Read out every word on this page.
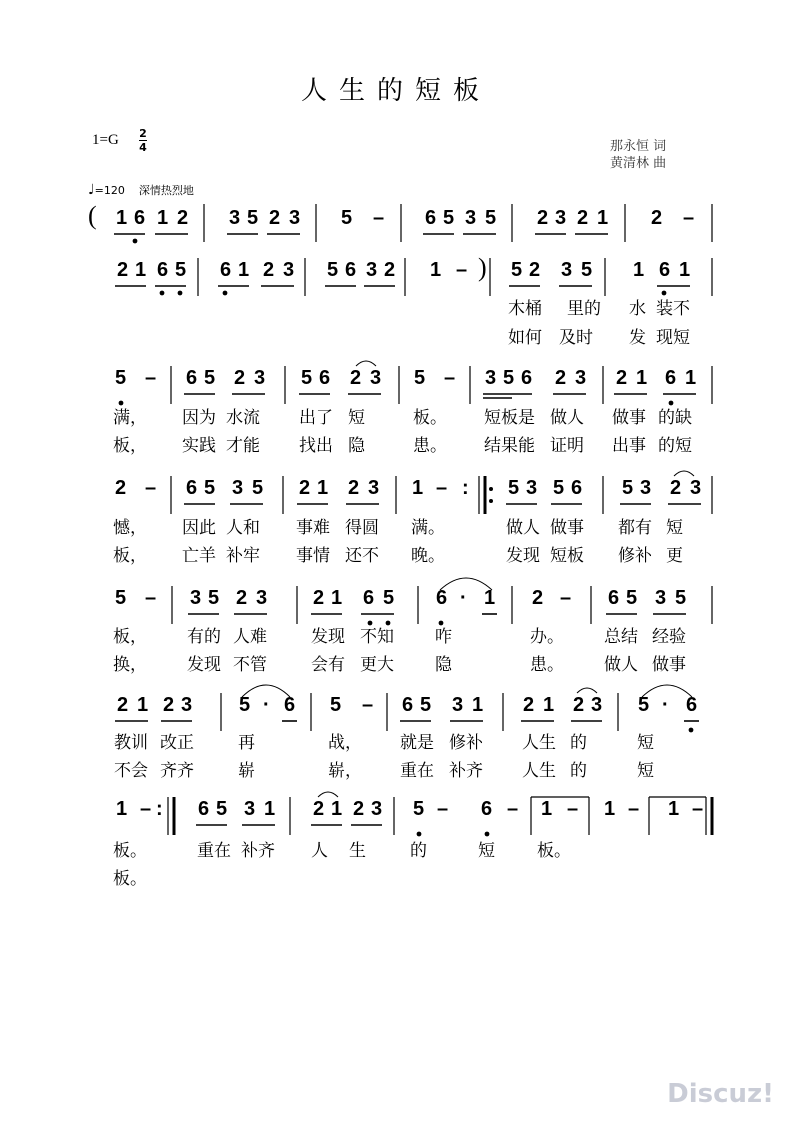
人生的短板
1=G 2
4	那永恒 词
黄清林 曲
♩=120 深情热烈地
( 1 6 1 2 3 5 2 3 5 – 6 5 3 5 2 3 2 1 2 –
2 1 6 5 6 1 2 3 5 6 3 2 1 – ) 5 2 3 5 1 6 1
5 – 6 5 2 3 5 6 2 3 5 – 3 5 6 2 3 2 1 6 1
2 – 6 5 3 5 2 1 2 3 1 – : 5 3 5 6 5 3 2 3
5 – 3 5 2 3 2 1 6 5 6 · 1 2 – 6 5 3 5
2 1 2 3 5 · 6 5 – 6 5 3 1 2 1 2 3 5 · 6
1 – : 6 5 3 1 2 1 2 3 5 – 6 – 1 – 1 – 1 –
木桶 里的 水 装不
如何 及时 发 现短
满， 因为 水流 出了 短	板。 短板是 做人 做事 的缺
板， 实践 才能 找出 隐	患。 结果能 证明 出事 的短
憾， 因此 人和 事难 得圆 满。	做人 做事 都有 短
板， 亡羊 补牢 事情 还不 晚。	发现 短板 修补 更
板， 有的 人难	发现 不知 咋	办。 总结 经验
换， 发现 不管	会有 更大 隐	患。 做人 做事
教训 改正	再	战， 就是 修补 人生 的	短
不会 齐齐	崭	崭， 重在 补齐 人生 的	短
板。	重在 补齐 人 生	的	短 板。
板。
Discuz!
